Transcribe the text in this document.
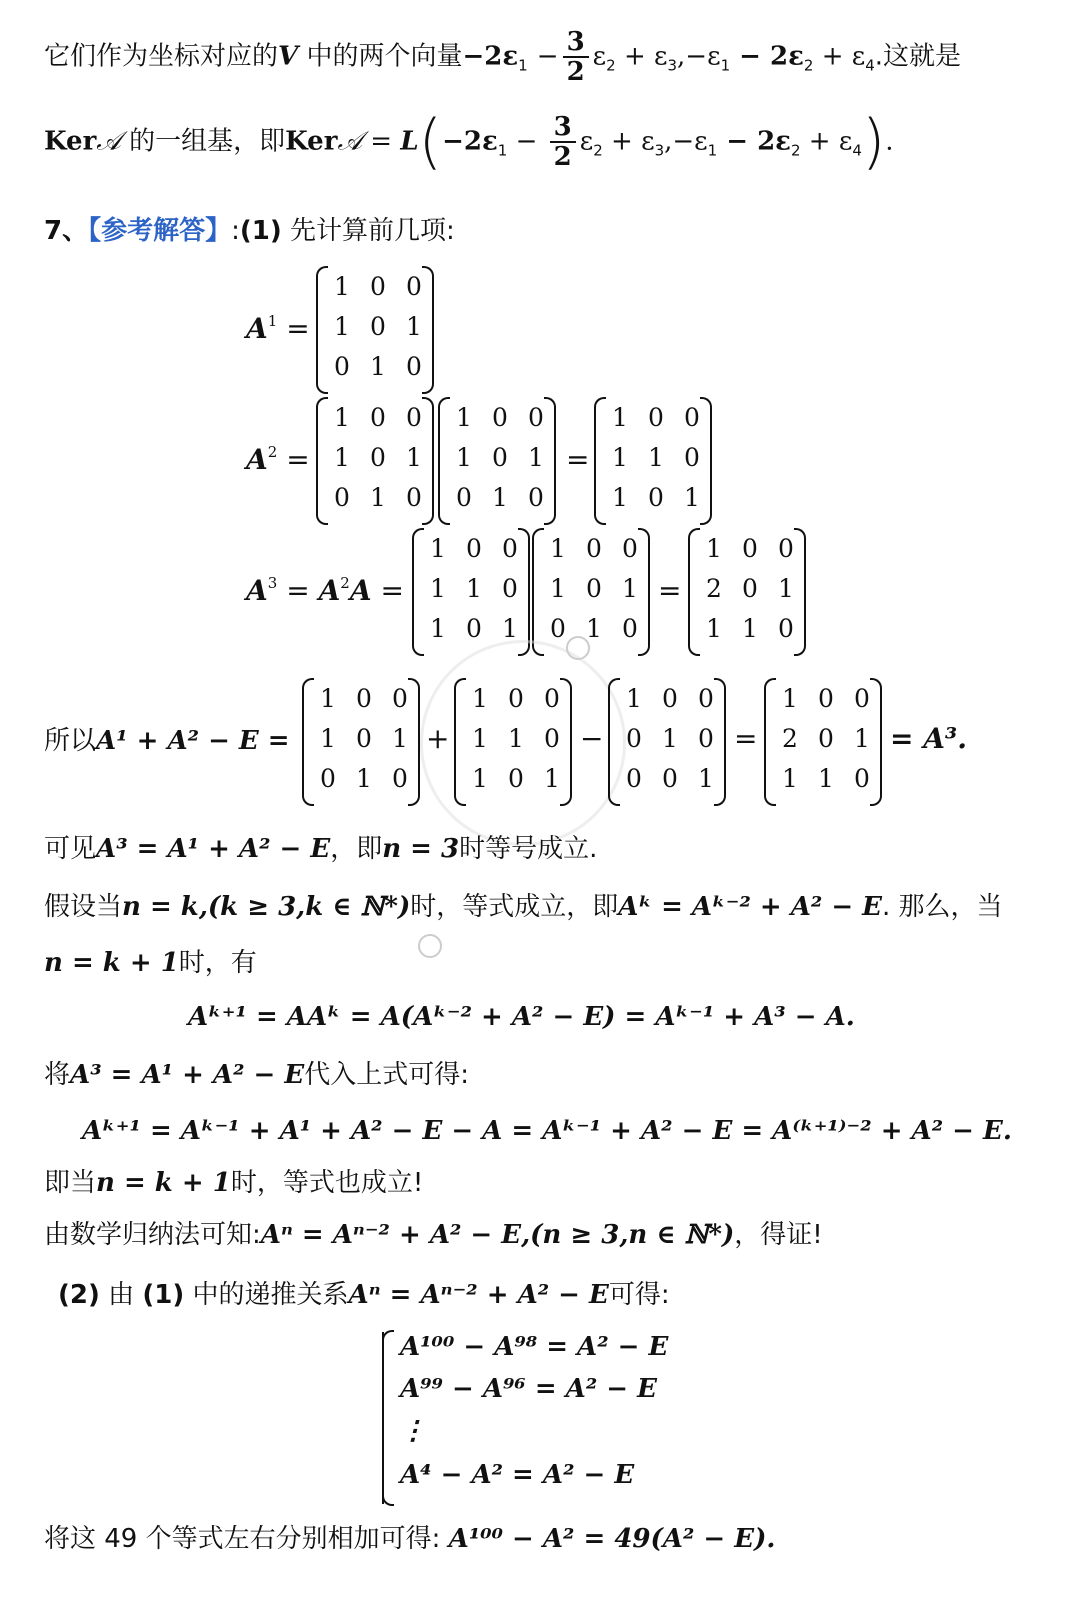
它们作为坐标对应的V 中的两个向量$-2\varepsilon_1 - \frac{3}{2} \varepsilon_2 + \varepsilon_3,-\varepsilon_1 - 2\varepsilon_2 + \varepsilon_4$.这就是
Ker𝒜 的一组基，即Ker𝒜 = $L(-2\varepsilon_1 - \frac{3}{2} \varepsilon_2 + \varepsilon_3,-\varepsilon_1 - 2\varepsilon_2 + \varepsilon_4)$.
7、【参考解答】:(1) 先计算前几项:
$A^1$ =
1 0 0
1 0 1
0 1 0
$A^2$ =
1 0 0
1 0 1
0 1 0
1 0 0
1 0 1
0 1 0
=
1 0 0
1 1 0
1 0 1
$A^3 = A^2A$ =
1 0 0
1 1 0
1 0 1
1 0 0
1 0 1
0 1 0
=
1 0 0
2 0 1
1 1 0
所以A¹ + A² − E =
1 0 0
1 0 1
0 1 0
+
1 0 0
1 1 0
1 0 1
−
1 0 0
0 1 0
0 0 1
=
1 0 0
2 0 1
1 1 0
= A³.
可见A³ = A¹ + A² − E，即n = 3时等号成立.
假设当n = k,(k ≥ 3,k ∈ ℕ*)时，等式成立，即Aᵏ = Aᵏ⁻² + A² − E. 那么，当
n = k + 1时，有
Aᵏ⁺¹ = AAᵏ = A(Aᵏ⁻² + A² − E) = Aᵏ⁻¹ + A³ − A.
将A³ = A¹ + A² − E代入上式可得:
Aᵏ⁺¹ = Aᵏ⁻¹ + A¹ + A² − E − A = Aᵏ⁻¹ + A² − E = A⁽ᵏ⁺¹⁾⁻² + A² − E.
即当n = k + 1时，等式也成立!
由数学归纳法可知:Aⁿ = Aⁿ⁻² + A² − E,(n ≥ 3,n ∈ ℕ*)，得证!
(2) 由 (1) 中的递推关系Aⁿ = Aⁿ⁻² + A² − E可得:
A¹⁰⁰ − A⁹⁸ = A² − E
A⁹⁹ − A⁹⁶ = A² − E
⋮
A⁴ − A² = A² − E
将这 49 个等式左右分别相加可得: A¹⁰⁰ − A² = 49(A² − E).
